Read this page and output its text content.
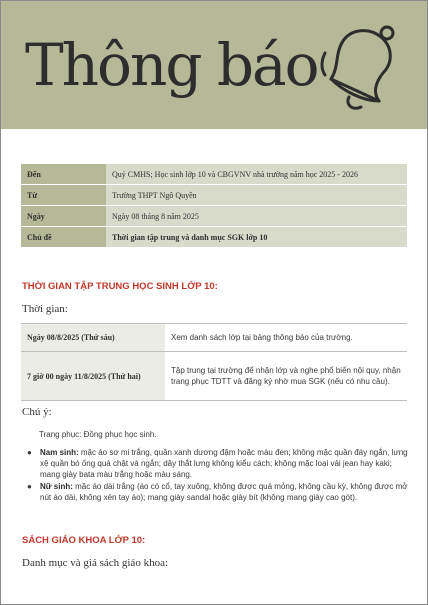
Thông báo
Đến	Quý CMHS; Học sinh lớp 10 và CBGVNV nhà trường năm học 2025 - 2026
Từ	Trường THPT Ngô Quyền
Ngày	Ngày 08 tháng 8 năm 2025
Chủ đề	Thời gian tập trung và danh mục SGK lớp 10
THỜI GIAN TẬP TRUNG HỌC SINH LỚP 10:
Thời gian:
Ngày 08/8/2025 (Thứ sáu)	Xem danh sách lớp tại bảng thông báo của trường.
7 giờ 00 ngày 11/8/2025 (Thứ hai)	Tập trung tại trường để nhận lớp và nghe phổ biến nội quy, nhận trang phục TDTT và đăng ký nhờ mua SGK (nếu có nhu cầu).
Chú ý:
Trang phục: Đồng phục học sinh.
● Nam sinh: mặc áo sơ mi trắng, quần xanh dương đậm hoặc màu đen; không mặc quần đáy ngắn, lưng xệ quần bó ống quá chật và ngắn; dây thắt lưng không kiểu cách; không mặc loại vải jean hay kaki; mang giày bata màu trắng hoặc màu sáng.
● Nữ sinh: mặc áo dài trắng (áo có cổ, tay xuông, không được quá mỏng, không cầu kỳ, không được mở nút áo dài, không xẻn tay áo); mang giày sandal hoặc giày bít (không mang giày cao gót).
SÁCH GIÁO KHOA LỚP 10:
Danh mục và giá sách giáo khoa:
